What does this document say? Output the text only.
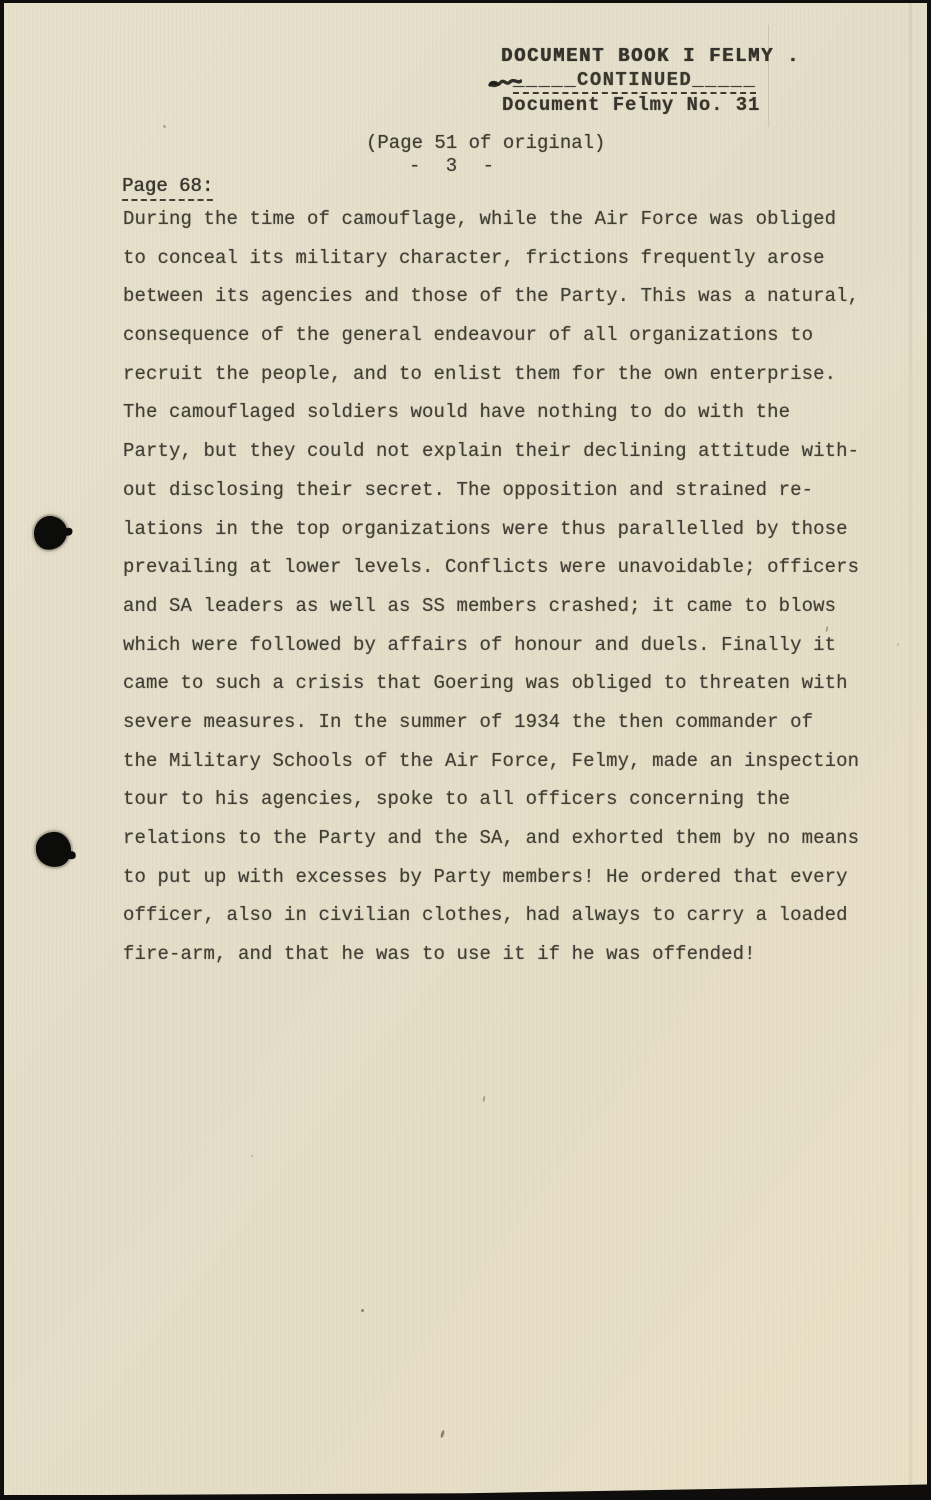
DOCUMENT BOOK I FELMY .
_____CONTINUED_____
Document Felmy No. 31
(Page 51 of original)
- 3 -
Page 68:
During the time of camouflage, while the Air Force was obliged
to conceal its military character, frictions frequently arose
between its agencies and those of the Party. This was a natural,
consequence of the general endeavour of all organizations to
recruit the people, and to enlist them for the own enterprise.
The camouflaged soldiers would have nothing to do with the
Party, but they could not explain their declining attitude with-
out disclosing their secret. The opposition and strained re-
lations in the top organizations were thus parallelled by those
prevailing at lower levels. Conflicts were unavoidable; officers
and SA leaders as well as SS members crashed; it came to blows
which were followed by affairs of honour and duels. Finally it
came to such a crisis that Goering was obliged to threaten with
severe measures. In the summer of 1934 the then commander of
the Military Schools of the Air Force, Felmy, made an inspection
tour to his agencies, spoke to all officers concerning the
relations to the Party and the SA, and exhorted them by no means
to put up with excesses by Party members! He ordered that every
officer, also in civilian clothes, had always to carry a loaded
fire-arm, and that he was to use it if he was offended!
